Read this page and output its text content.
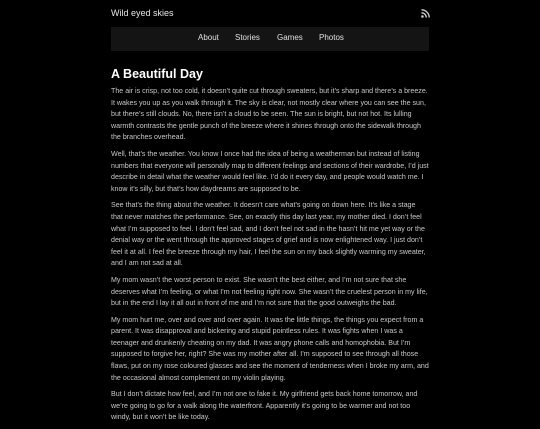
Wild eyed skies
About Stories Games Photos
A Beautiful Day

The air is crisp, not too cold, it doesn’t quite cut through sweaters, but it’s sharp and there’s a breeze. It wakes you up as you walk through it. The sky is clear, not mostly clear where you can see the sun, but there’s still clouds. No, there isn’t a cloud to be seen. The sun is bright, but not hot. Its lulling warmth contrasts the gentle punch of the breeze where it shines through onto the sidewalk through the branches overhead.

Well, that’s the weather. You know I once had the idea of being a weatherman but instead of listing numbers that everyone will personally map to different feelings and sections of their wardrobe, I’d just describe in detail what the weather would feel like. I’d do it every day, and people would watch me. I know it’s silly, but that’s how daydreams are supposed to be.

See that’s the thing about the weather. It doesn’t care what’s going on down here. It’s like a stage that never matches the performance. See, on exactly this day last year, my mother died. I don’t feel what I’m supposed to feel. I don’t feel sad, and I don’t feel not sad in the hasn’t hit me yet way or the denial way or the went through the approved stages of grief and is now enlightened way. I just don’t feel it at all. I feel the breeze through my hair, I feel the sun on my back slightly warming my sweater, and I am not sad at all.

My mom wasn’t the worst person to exist. She wasn’t the best either, and I’m not sure that she deserves what I’m feeling, or what I’m not feeling right now. She wasn’t the cruelest person in my life, but in the end I lay it all out in front of me and I’m not sure that the good outweighs the bad.

My mom hurt me, over and over and over again. It was the little things, the things you expect from a parent. It was disapproval and bickering and stupid pointless rules. It was fights when I was a teenager and drunkenly cheating on my dad. It was angry phone calls and homophobia. But I’m supposed to forgive her, right? She was my mother after all. I’m supposed to see through all those flaws, put on my rose coloured glasses and see the moment of tenderness when I broke my arm, and the occasional almost complement on my violin playing.

But I don’t dictate how feel, and I’m not one to fake it. My girlfriend gets back home tomorrow, and we’re going to go for a walk along the waterfront. Apparently it’s going to be warmer and not too windy, but it won’t be like today.
